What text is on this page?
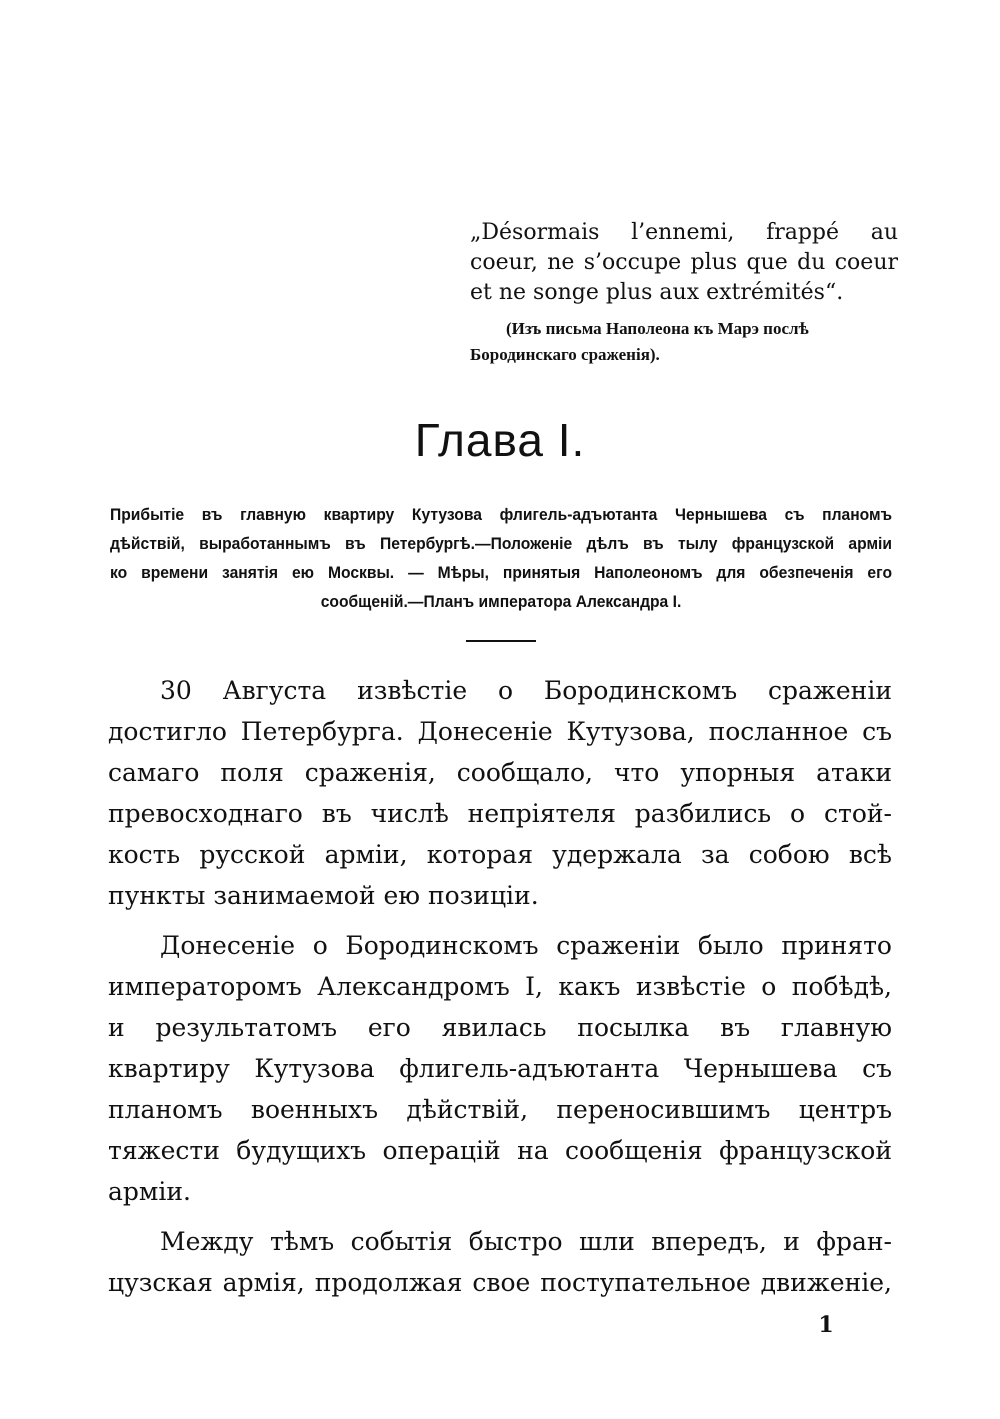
„Désormais l’ennemi, frappé au
coeur, ne s’occupe plus que du coeur
et ne songe plus aux extrémités“.
(Изъ письма Наполеона къ Марэ послѣ
Бородинскаго сраженія).
Глава I.
Прибытіе въ главную квартиру Кутузова флигель-адъютанта Чернышева съ планомъ
дѣйствій, выработаннымъ въ Петербургѣ.—Положеніе дѣлъ въ тылу французской арміи
ко времени занятія ею Москвы. — Мѣры, принятыя Наполеономъ для обезпеченія его
сообщеній.—Планъ императора Александра I.

30 Августа извѣстіе о Бородинскомъ сраженіи
достигло Петербурга. Донесеніе Кутузова, посланное съ
самаго поля сраженія, сообщало, что упорныя атаки
превосходнаго въ числѣ непріятеля разбились о стой-
кость русской арміи, которая удержала за собою всѣ
пункты занимаемой ею позиціи.

Донесеніе о Бородинскомъ сраженіи было принято
императоромъ Александромъ I, какъ извѣстіе о побѣдѣ,
и результатомъ его явилась посылка въ главную
квартиру Кутузова флигель-адъютанта Чернышева съ
планомъ военныхъ дѣйствій, переносившимъ центръ
тяжести будущихъ операцій на сообщенія французской
арміи.

Между тѣмъ событія быстро шли впередъ, и фран-
цузская армія, продолжая свое поступательное движеніе,

1
